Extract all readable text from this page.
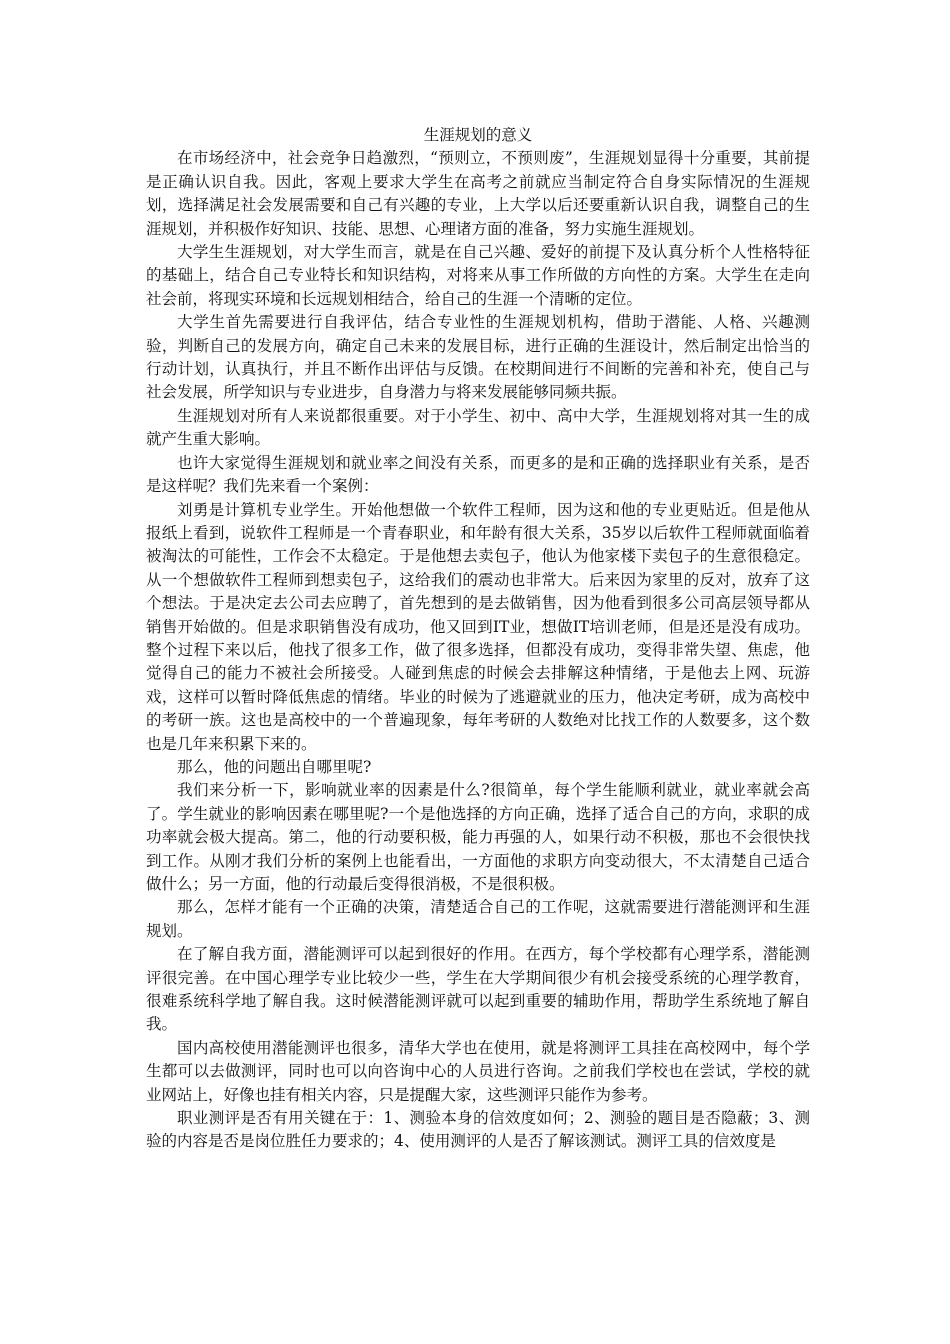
生涯规划的意义

在市场经济中，社会竞争日趋激烈，“预则立，不预则废”，生涯规划显得十分重要，其前提是正确认识自我。因此，客观上要求大学生在高考之前就应当制定符合自身实际情况的生涯规划，选择满足社会发展需要和自己有兴趣的专业，上大学以后还要重新认识自我，调整自己的生涯规划，并积极作好知识、技能、思想、心理诸方面的准备，努力实施生涯规划。

大学生生涯规划，对大学生而言，就是在自己兴趣、爱好的前提下及认真分析个人性格特征的基础上，结合自己专业特长和知识结构，对将来从事工作所做的方向性的方案。大学生在走向社会前，将现实环境和长远规划相结合，给自己的生涯一个清晰的定位。

大学生首先需要进行自我评估，结合专业性的生涯规划机构，借助于潜能、人格、兴趣测验，判断自己的发展方向，确定自己未来的发展目标，进行正确的生涯设计，然后制定出恰当的行动计划，认真执行，并且不断作出评估与反馈。在校期间进行不间断的完善和补充，使自己与社会发展，所学知识与专业进步，自身潜力与将来发展能够同频共振。

生涯规划对所有人来说都很重要。对于小学生、初中、高中大学，生涯规划将对其一生的成就产生重大影响。

也许大家觉得生涯规划和就业率之间没有关系，而更多的是和正确的选择职业有关系，是否是这样呢？我们先来看一个案例：

刘勇是计算机专业学生。开始他想做一个软件工程师，因为这和他的专业更贴近。但是他从报纸上看到，说软件工程师是一个青春职业，和年龄有很大关系，35岁以后软件工程师就面临着被淘汰的可能性，工作会不太稳定。于是他想去卖包子，他认为他家楼下卖包子的生意很稳定。从一个想做软件工程师到想卖包子，这给我们的震动也非常大。后来因为家里的反对，放弃了这个想法。于是决定去公司去应聘了，首先想到的是去做销售，因为他看到很多公司高层领导都从销售开始做的。但是求职销售没有成功，他又回到IT业，想做IT培训老师，但是还是没有成功。整个过程下来以后，他找了很多工作，做了很多选择，但都没有成功，变得非常失望、焦虑，他觉得自己的能力不被社会所接受。人碰到焦虑的时候会去排解这种情绪，于是他去上网、玩游戏，这样可以暂时降低焦虑的情绪。毕业的时候为了逃避就业的压力，他决定考研，成为高校中的考研一族。这也是高校中的一个普遍现象，每年考研的人数绝对比找工作的人数要多，这个数也是几年来积累下来的。

那么，他的问题出自哪里呢?

我们来分析一下，影响就业率的因素是什么?很简单，每个学生能顺利就业，就业率就会高了。学生就业的影响因素在哪里呢?一个是他选择的方向正确，选择了适合自己的方向，求职的成功率就会极大提高。第二，他的行动要积极，能力再强的人，如果行动不积极，那也不会很快找到工作。从刚才我们分析的案例上也能看出，一方面他的求职方向变动很大，不太清楚自己适合做什么；另一方面，他的行动最后变得很消极，不是很积极。

那么，怎样才能有一个正确的决策，清楚适合自己的工作呢，这就需要进行潜能测评和生涯规划。

在了解自我方面，潜能测评可以起到很好的作用。在西方，每个学校都有心理学系，潜能测评很完善。在中国心理学专业比较少一些，学生在大学期间很少有机会接受系统的心理学教育，很难系统科学地了解自我。这时候潜能测评就可以起到重要的辅助作用，帮助学生系统地了解自我。

国内高校使用潜能测评也很多，清华大学也在使用，就是将测评工具挂在高校网中，每个学生都可以去做测评，同时也可以向咨询中心的人员进行咨询。之前我们学校也在尝试，学校的就业网站上，好像也挂有相关内容，只是提醒大家，这些测评只能作为参考。

职业测评是否有用关键在于：1、测验本身的信效度如何；2、测验的题目是否隐蔽；3、测验的内容是否是岗位胜任力要求的；4、使用测评的人是否了解该测试。测评工具的信效度是
